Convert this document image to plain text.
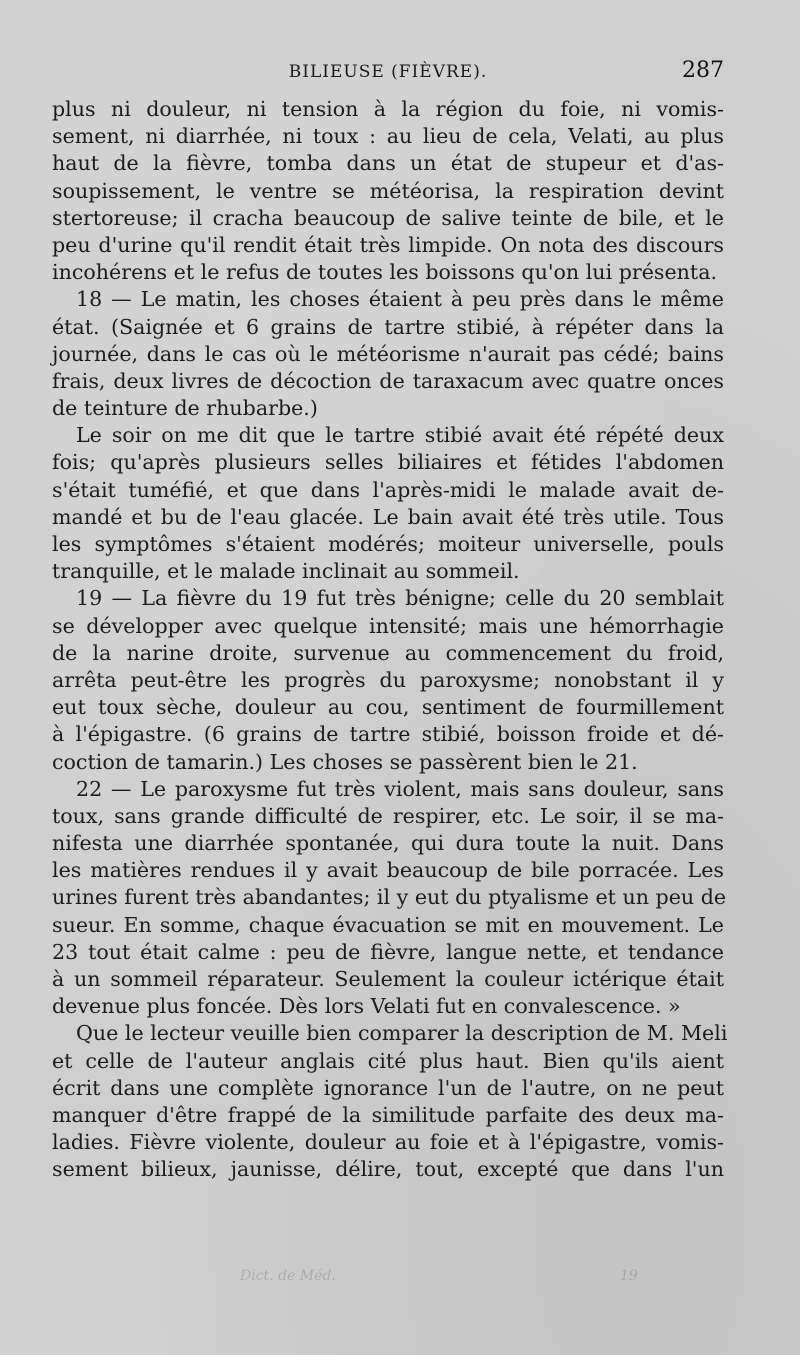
BILIEUSE (FIÈVRE).	287
plus ni douleur, ni tension à la région du foie, ni vomis-
sement, ni diarrhée, ni toux : au lieu de cela, Velati, au plus
haut de la fièvre, tomba dans un état de stupeur et d'as-
soupissement, le ventre se météorisa, la respiration devint
stertoreuse; il cracha beaucoup de salive teinte de bile, et le
peu d'urine qu'il rendit était très limpide. On nota des discours
incohérens et le refus de toutes les boissons qu'on lui présenta.
18 — Le matin, les choses étaient à peu près dans le même
état. (Saignée et 6 grains de tartre stibié, à répéter dans la
journée, dans le cas où le météorisme n'aurait pas cédé; bains
frais, deux livres de décoction de taraxacum avec quatre onces
de teinture de rhubarbe.)
Le soir on me dit que le tartre stibié avait été répété deux
fois; qu'après plusieurs selles biliaires et fétides l'abdomen
s'était tuméfié, et que dans l'après-midi le malade avait de-
mandé et bu de l'eau glacée. Le bain avait été très utile. Tous
les symptômes s'étaient modérés; moiteur universelle, pouls
tranquille, et le malade inclinait au sommeil.
19 — La fièvre du 19 fut très bénigne; celle du 20 semblait
se développer avec quelque intensité; mais une hémorrhagie
de la narine droite, survenue au commencement du froid,
arrêta peut-être les progrès du paroxysme; nonobstant il y
eut toux sèche, douleur au cou, sentiment de fourmillement
à l'épigastre. (6 grains de tartre stibié, boisson froide et dé-
coction de tamarin.) Les choses se passèrent bien le 21.
22 — Le paroxysme fut très violent, mais sans douleur, sans
toux, sans grande difficulté de respirer, etc. Le soir, il se ma-
nifesta une diarrhée spontanée, qui dura toute la nuit. Dans
les matières rendues il y avait beaucoup de bile porracée. Les
urines furent très abandantes; il y eut du ptyalisme et un peu de
sueur. En somme, chaque évacuation se mit en mouvement. Le
23 tout était calme : peu de fièvre, langue nette, et tendance
à un sommeil réparateur. Seulement la couleur ictérique était
devenue plus foncée. Dès lors Velati fut en convalescence. »
Que le lecteur veuille bien comparer la description de M. Meli
et celle de l'auteur anglais cité plus haut. Bien qu'ils aient
écrit dans une complète ignorance l'un de l'autre, on ne peut
manquer d'être frappé de la similitude parfaite des deux ma-
ladies. Fièvre violente, douleur au foie et à l'épigastre, vomis-
sement bilieux, jaunisse, délire, tout, excepté que dans l'un
Dict. de Méd.	19
